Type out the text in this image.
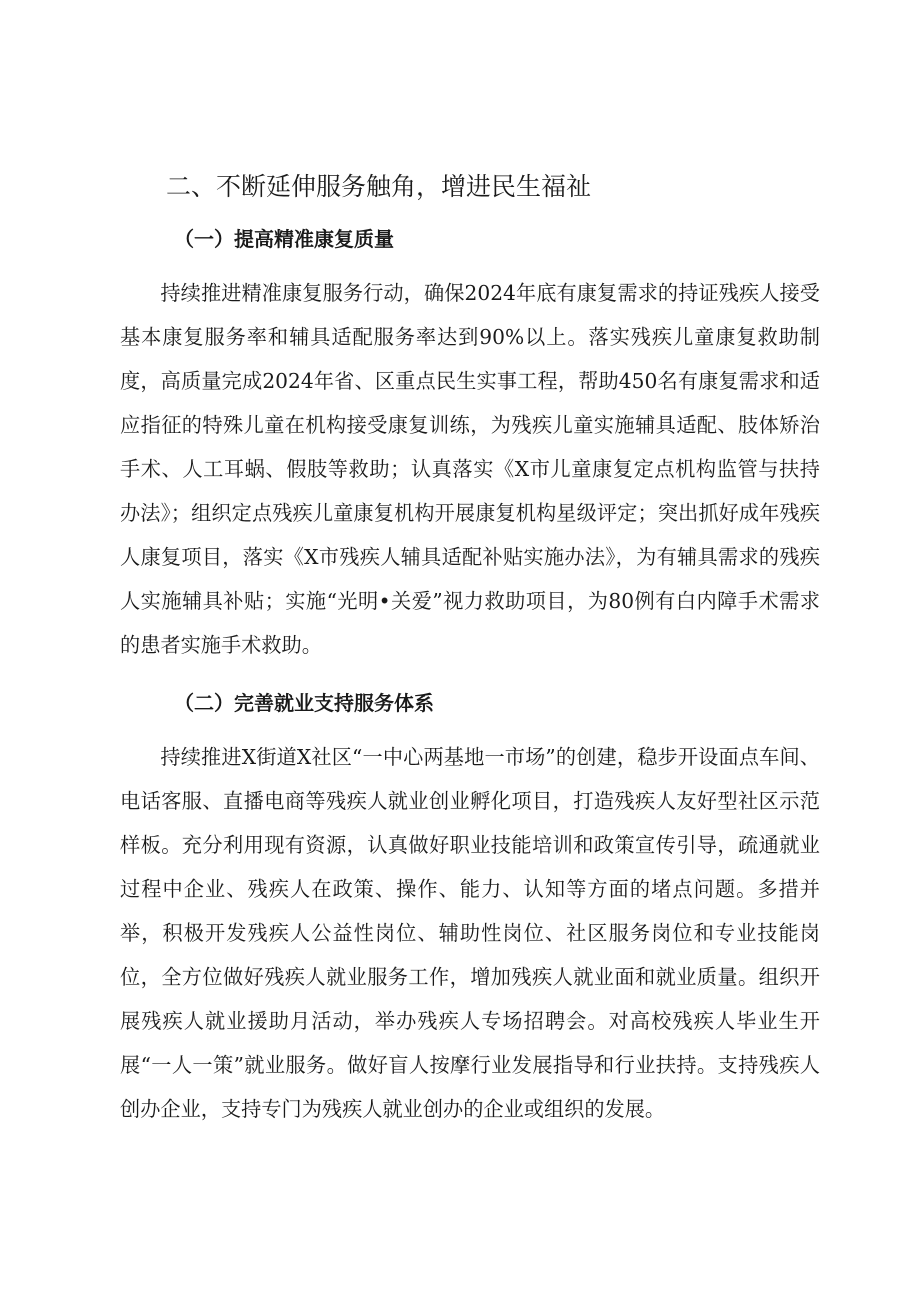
二、不断延伸服务触角，增进民生福祉
（一）提高精准康复质量

持续推进精准康复服务行动，确保2024年底有康复需求的持证残疾人接受基本康复服务率和辅具适配服务率达到90%以上。落实残疾儿童康复救助制度，高质量完成2024年省、区重点民生实事工程，帮助450名有康复需求和适应指征的特殊儿童在机构接受康复训练，为残疾儿童实施辅具适配、肢体矫治手术、人工耳蜗、假肢等救助；认真落实《X市儿童康复定点机构监管与扶持办法》；组织定点残疾儿童康复机构开展康复机构星级评定；突出抓好成年残疾人康复项目，落实《X市残疾人辅具适配补贴实施办法》，为有辅具需求的残疾人实施辅具补贴；实施“光明•关爱”视力救助项目，为80例有白内障手术需求的患者实施手术救助。

（二）完善就业支持服务体系

持续推进X街道X社区“一中心两基地一市场”的创建，稳步开设面点车间、电话客服、直播电商等残疾人就业创业孵化项目，打造残疾人友好型社区示范样板。充分利用现有资源，认真做好职业技能培训和政策宣传引导，疏通就业过程中企业、残疾人在政策、操作、能力、认知等方面的堵点问题。多措并举，积极开发残疾人公益性岗位、辅助性岗位、社区服务岗位和专业技能岗位，全方位做好残疾人就业服务工作，增加残疾人就业面和就业质量。组织开展残疾人就业援助月活动，举办残疾人专场招聘会。对高校残疾人毕业生开展“一人一策”就业服务。做好盲人按摩行业发展指导和行业扶持。支持残疾人创办企业，支持专门为残疾人就业创办的企业或组织的发展。
